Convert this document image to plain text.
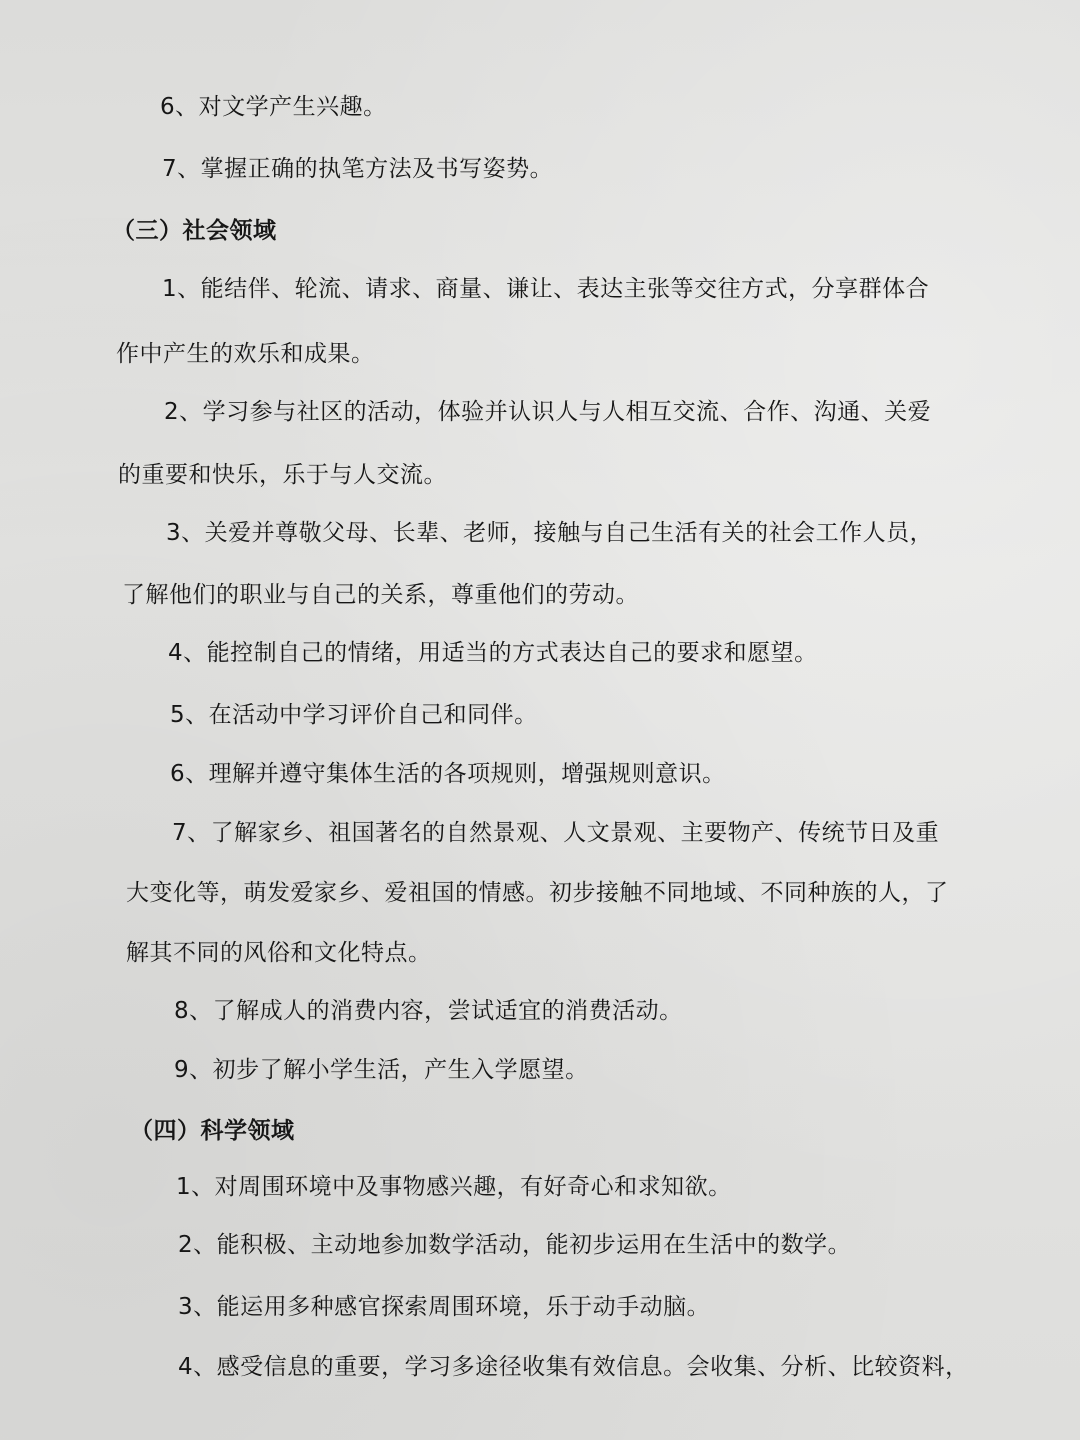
6、对文学产生兴趣。
7、掌握正确的执笔方法及书写姿势。
（三）社会领域
1、能结伴、轮流、请求、商量、谦让、表达主张等交往方式，分享群体合
作中产生的欢乐和成果。
2、学习参与社区的活动，体验并认识人与人相互交流、合作、沟通、关爱
的重要和快乐，乐于与人交流。
3、关爱并尊敬父母、长辈、老师，接触与自己生活有关的社会工作人员，
了解他们的职业与自己的关系，尊重他们的劳动。
4、能控制自己的情绪，用适当的方式表达自己的要求和愿望。
5、在活动中学习评价自己和同伴。
6、理解并遵守集体生活的各项规则，增强规则意识。
7、了解家乡、祖国著名的自然景观、人文景观、主要物产、传统节日及重
大变化等，萌发爱家乡、爱祖国的情感。初步接触不同地域、不同种族的人，了
解其不同的风俗和文化特点。
8、了解成人的消费内容，尝试适宜的消费活动。
9、初步了解小学生活，产生入学愿望。
（四）科学领域
1、对周围环境中及事物感兴趣，有好奇心和求知欲。
2、能积极、主动地参加数学活动，能初步运用在生活中的数学。
3、能运用多种感官探索周围环境，乐于动手动脑。
4、感受信息的重要，学习多途径收集有效信息。会收集、分析、比较资料，
